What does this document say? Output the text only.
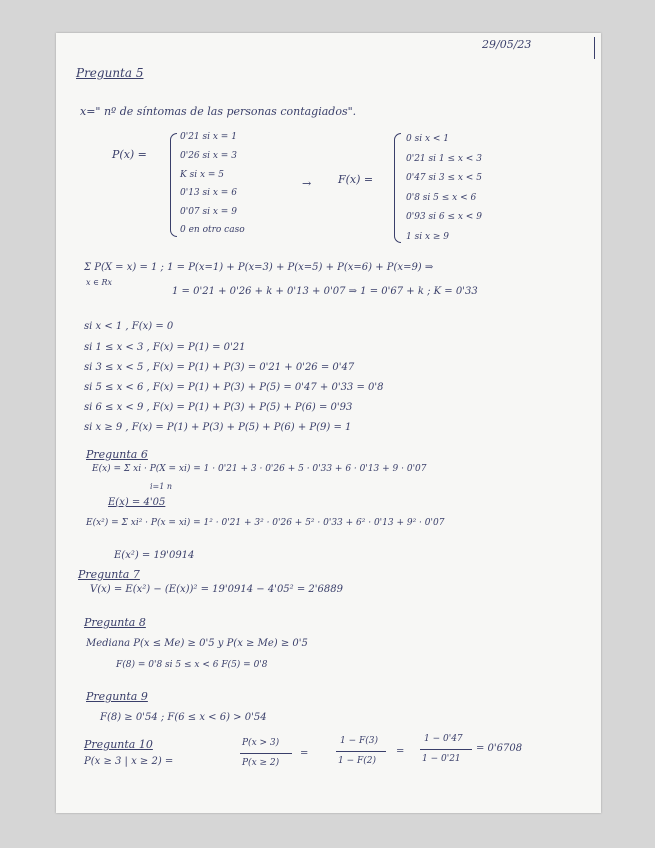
29/05/23
Pregunta 5
x=" nº de síntomas de las personas contagiados".
P(x) =
0'21 si x = 1
0'26 si x = 3
K si x = 5
0'13 si x = 6
0'07 si x = 9
0 en otro caso
→ F(x) =
0 si x < 1
0'21 si 1 ≤ x < 3
0'47 si 3 ≤ x < 5
0'8 si 5 ≤ x < 6
0'93 si 6 ≤ x < 9
1 si x ≥ 9
Σ P(X = x) = 1 ; 1 = P(x=1) + P(x=3) + P(x=5) + P(x=6) + P(x=9) ⇒
x ∈ Rx
1 = 0'21 + 0'26 + k + 0'13 + 0'07 ⇒ 1 = 0'67 + k ; K = 0'33
si x < 1 , F(x) = 0
si 1 ≤ x < 3 , F(x) = P(1) = 0'21
si 3 ≤ x < 5 , F(x) = P(1) + P(3) = 0'21 + 0'26 = 0'47
si 5 ≤ x < 6 , F(x) = P(1) + P(3) + P(5) = 0'47 + 0'33 = 0'8
si 6 ≤ x < 9 , F(x) = P(1) + P(3) + P(5) + P(6) = 0'93
si x ≥ 9 , F(x) = P(1) + P(3) + P(5) + P(6) + P(9) = 1
Pregunta 6
E(x) = Σ xi · P(X = xi) = 1 · 0'21 + 3 · 0'26 + 5 · 0'33 + 6 · 0'13 + 9 · 0'07
i=1 n
E(x) = 4'05
E(x²) = Σ xi² · P(x = xi) = 1² · 0'21 + 3² · 0'26 + 5² · 0'33 + 6² · 0'13 + 9² · 0'07
E(x²) = 19'0914
Pregunta 7
V(x) = E(x²) − (E(x))² = 19'0914 − 4'05² = 2'6889
Pregunta 8
Mediana P(x ≤ Me) ≥ 0'5 y P(x ≥ Me) ≥ 0'5
F(8) = 0'8 si 5 ≤ x < 6 F(5) = 0'8
Pregunta 9
F(8) ≥ 0'54 ; F(6 ≤ x < 6) > 0'54
Pregunta 10
P(x ≥ 3 | x ≥ 2) =
P(x > 3)
P(x ≥ 2)
=
1 − F(3)
1 − F(2)
=
1 − 0'47
1 − 0'21
= 0'6708
